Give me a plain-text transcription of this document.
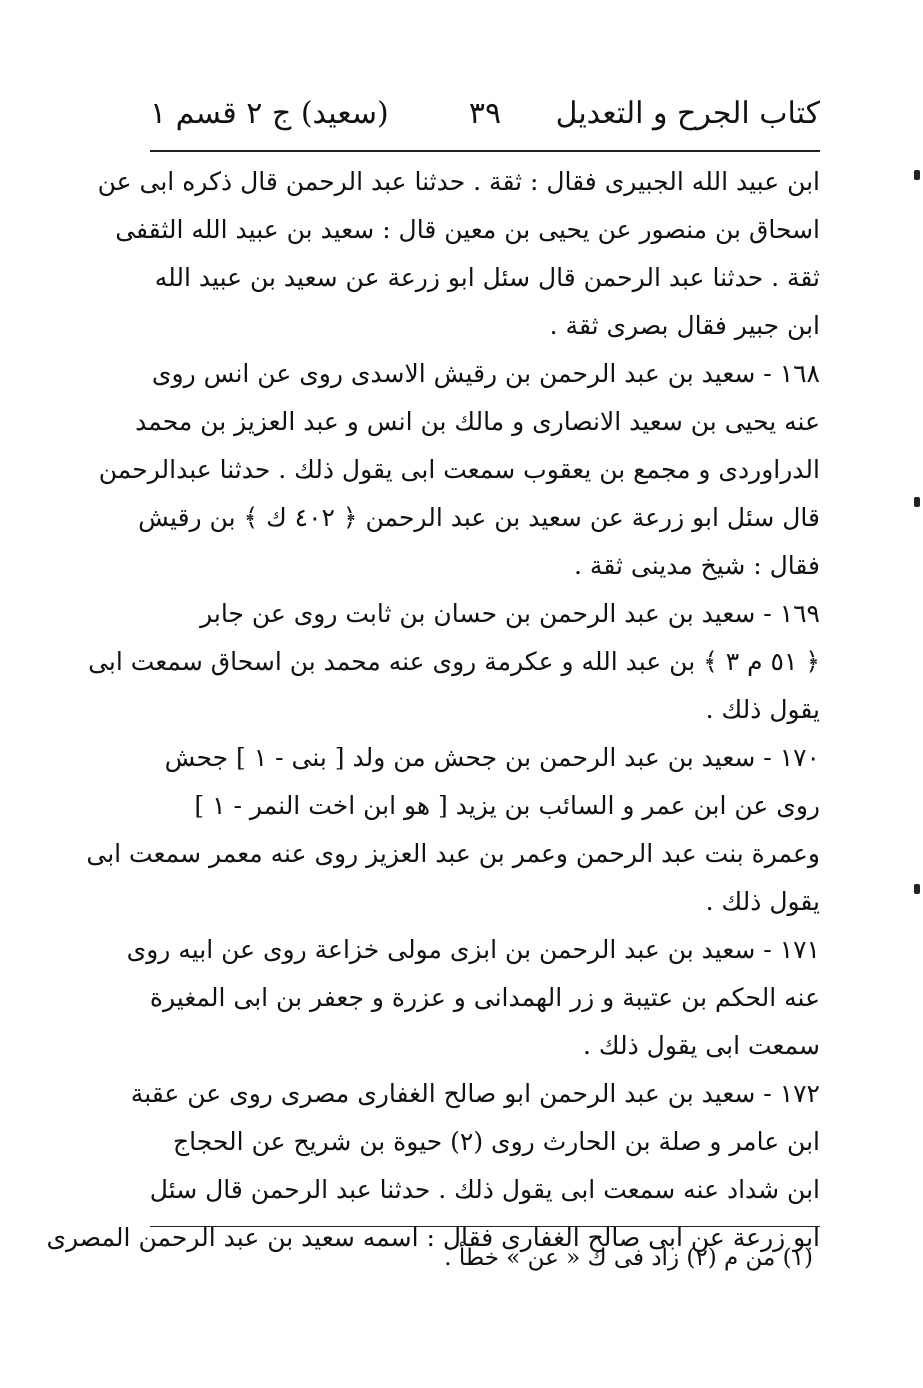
كتاب الجرح و التعديل
٣٩
(سعيد) ج ٢ قسم ١
ابن عبيد الله الجبيرى فقال : ثقة . حدثنا عبد الرحمن قال ذكره ابى عن
اسحاق بن منصور عن يحيى بن معين قال : سعيد بن عبيد الله الثقفى
ثقة . حدثنا عبد الرحمن قال سئل ابو زرعة عن سعيد بن عبيد الله
ابن جبير فقال بصرى ثقة .
١٦٨ - سعيد بن عبد الرحمن بن رقيش الاسدى روى عن انس روى
عنه يحيى بن سعيد الانصارى و مالك بن انس و عبد العزيز بن محمد
الدراوردى و مجمع بن يعقوب سمعت ابى يقول ذلك . حدثنا عبدالرحمن
قال سئل ابو زرعة عن سعيد بن عبد الرحمن ﴿ ٤٠٢ ك ﴾ بن رقيش
فقال : شيخ مدينى ثقة .
١٦٩ - سعيد بن عبد الرحمن بن حسان بن ثابت روى عن جابر
﴿ ٥١ م ٣ ﴾ بن عبد الله و عكرمة روى عنه محمد بن اسحاق سمعت ابى
يقول ذلك .
١٧٠ - سعيد بن عبد الرحمن بن جحش من ولد [ بنى - ١ ] جحش
روى عن ابن عمر و السائب بن يزيد [ هو ابن اخت النمر - ١ ]
وعمرة بنت عبد الرحمن وعمر بن عبد العزيز روى عنه معمر سمعت ابى
يقول ذلك .
١٧١ - سعيد بن عبد الرحمن بن ابزى مولى خزاعة روى عن ابيه روى
عنه الحكم بن عتيبة و زر الهمدانى و عزرة و جعفر بن ابى المغيرة
سمعت ابى يقول ذلك .
١٧٢ - سعيد بن عبد الرحمن ابو صالح الغفارى مصرى روى عن عقبة
ابن عامر و صلة بن الحارث روى (٢) حيوة بن شريح عن الحجاج
ابن شداد عنه سمعت ابى يقول ذلك . حدثنا عبد الرحمن قال سئل
ابو زرعة عن ابى صالح الغفارى فقال : اسمه سعيد بن عبد الرحمن المصرى
(١) من م (٢) زاد فى ك « عن » خطأ .
